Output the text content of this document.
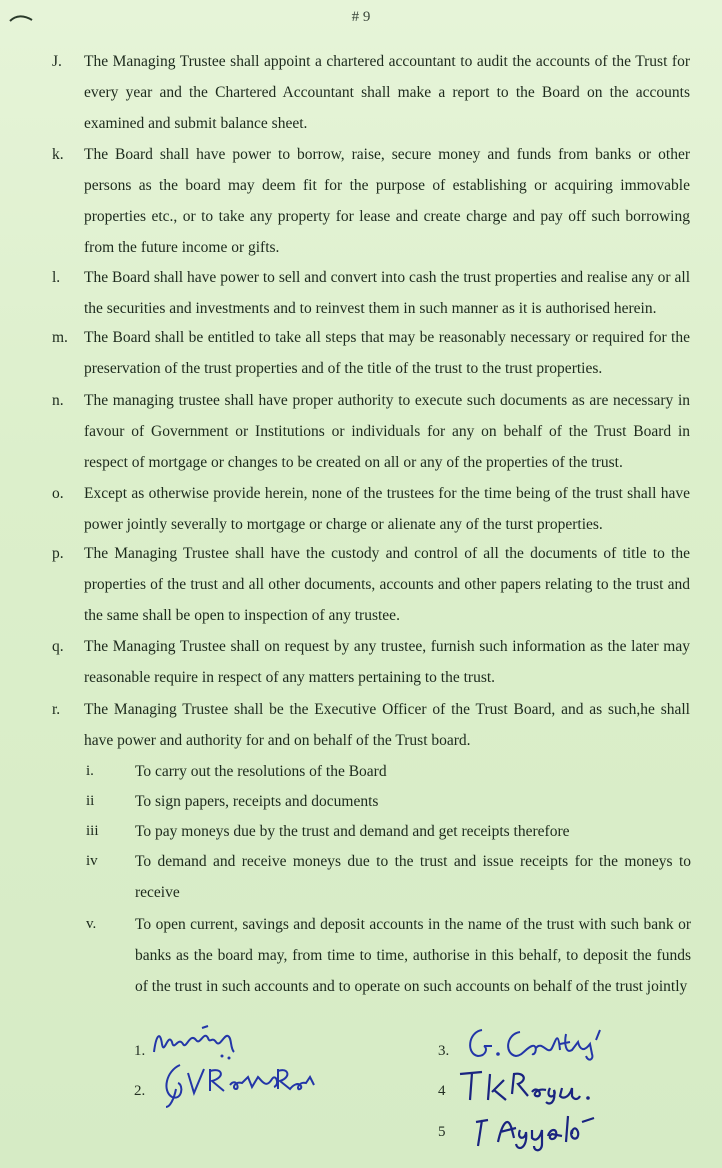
# 9
J.	The Managing Trustee shall appoint a chartered accountant to audit the accounts of the Trust for every year and the Chartered Accountant shall make a report to the Board on the accounts examined and submit balance sheet.
k.	The Board shall have power to borrow, raise, secure money and funds from banks or other persons as the board may deem fit for the purpose of establishing or acquiring immovable properties etc., or to take any property for lease and create charge and pay off such borrowing from the future income or gifts.
l.	The Board shall have power to sell and convert into cash the trust properties and realise any or all the securities and investments and to reinvest them in such manner as it is authorised herein.
m.	The Board shall be entitled to take all steps that may be reasonably necessary or required for the preservation of the trust properties and of the title of the trust to the trust properties.
n.	The managing trustee shall have proper authority to execute such documents as are necessary in favour of Government or Institutions or individuals for any on behalf of the Trust Board in respect of mortgage or changes to be created on all or any of the properties of the trust.
o.	Except as otherwise provide herein, none of the trustees for the time being of the trust shall have power jointly severally to mortgage or charge or alienate any of the turst properties.
p.	The Managing Trustee shall have the custody and control of all the documents of title to the properties of the trust and all other documents, accounts and other papers relating to the trust and the same shall be open to inspection of any trustee.
q.	The Managing Trustee shall on request by any trustee, furnish such information as the later may reasonable require in respect of any matters pertaining to the trust.
r.	The Managing Trustee shall be the Executive Officer of the Trust Board, and as such,he shall have power and authority for and on behalf of the Trust board.
i.	To carry out the resolutions of the Board
ii	To sign papers, receipts and documents
iii	To pay moneys due by the trust and demand and get receipts therefore
iv	To demand and receive moneys due to the trust and issue receipts for the moneys to receive
v.	To open current, savings and deposit accounts in the name of the trust with such bank or banks as the board may, from time to time, authorise in this behalf, to deposit the funds of the trust in such accounts and to operate on such accounts on behalf of the trust jointly
1.
2.
3.
4
5
